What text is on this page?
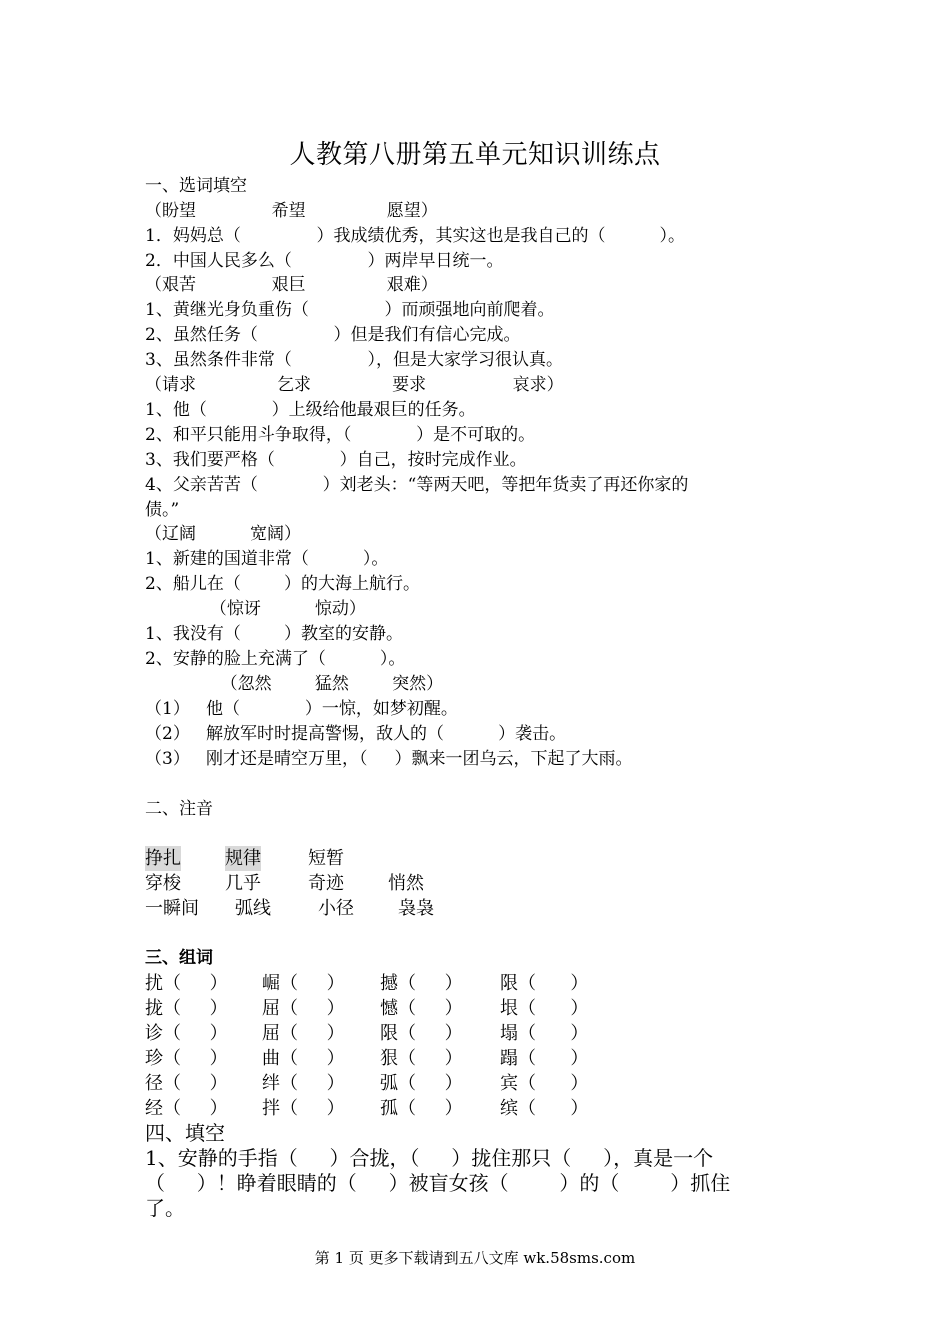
人教第八册第五单元知识训练点
一、选词填空
（盼望              希望               愿望）
1．妈妈总（              ）我成绩优秀，其实这也是我自己的（          ）。
2．中国人民多么（              ）两岸早日统一。
（艰苦              艰巨               艰难）
1、黄继光身负重伤（              ）而顽强地向前爬着。
2、虽然任务（              ）但是我们有信心完成。
3、虽然条件非常（              ），但是大家学习很认真。
（请求               乞求               要求                哀求）
1、他（            ）上级给他最艰巨的任务。
2、和平只能用斗争取得，（            ）是不可取的。
3、我们要严格（            ）自己，按时完成作业。
4、父亲苦苦（            ）刘老头：“等两天吧，等把年货卖了再还你家的
债。”
（辽阔          宽阔）
1、新建的国道非常（          ）。
2、船儿在（        ）的大海上航行。
（惊讶          惊动）
1、我没有（        ）教室的安静。
2、安静的脸上充满了（          ）。
（忽然        猛然        突然）
（1）   他（            ）一惊，如梦初醒。
（2）   解放军时时提高警惕，敌人的（          ）袭击。
（3）   刚才还是晴空万里，（     ）飘来一团乌云，下起了大雨。
二、注音
挣扎 规律	短暂
穿梭 几乎	奇迹 悄然
一瞬间 弧线	小径 袅袅
三、组词
扰（     ） 崛（     ） 撼（     ） 限（      ）
拢（     ） 屈（     ） 憾（     ） 垠（      ）
诊（     ） 屈（     ） 限（     ） 塌（      ）
珍（     ） 曲（     ） 狠（     ） 蹋（      ）
径（     ） 绊（     ） 弧（     ） 宾（      ）
经（     ） 拌（     ） 孤（     ） 缤（      ）
四、填空
1、安静的手指（     ）合拢，（     ）拢住那只（     ），真是一个
（     ）！睁着眼睛的（     ）被盲女孩（        ）的（        ）抓住
了。
第 1 页 更多下载请到五八文库 wk.58sms.com
